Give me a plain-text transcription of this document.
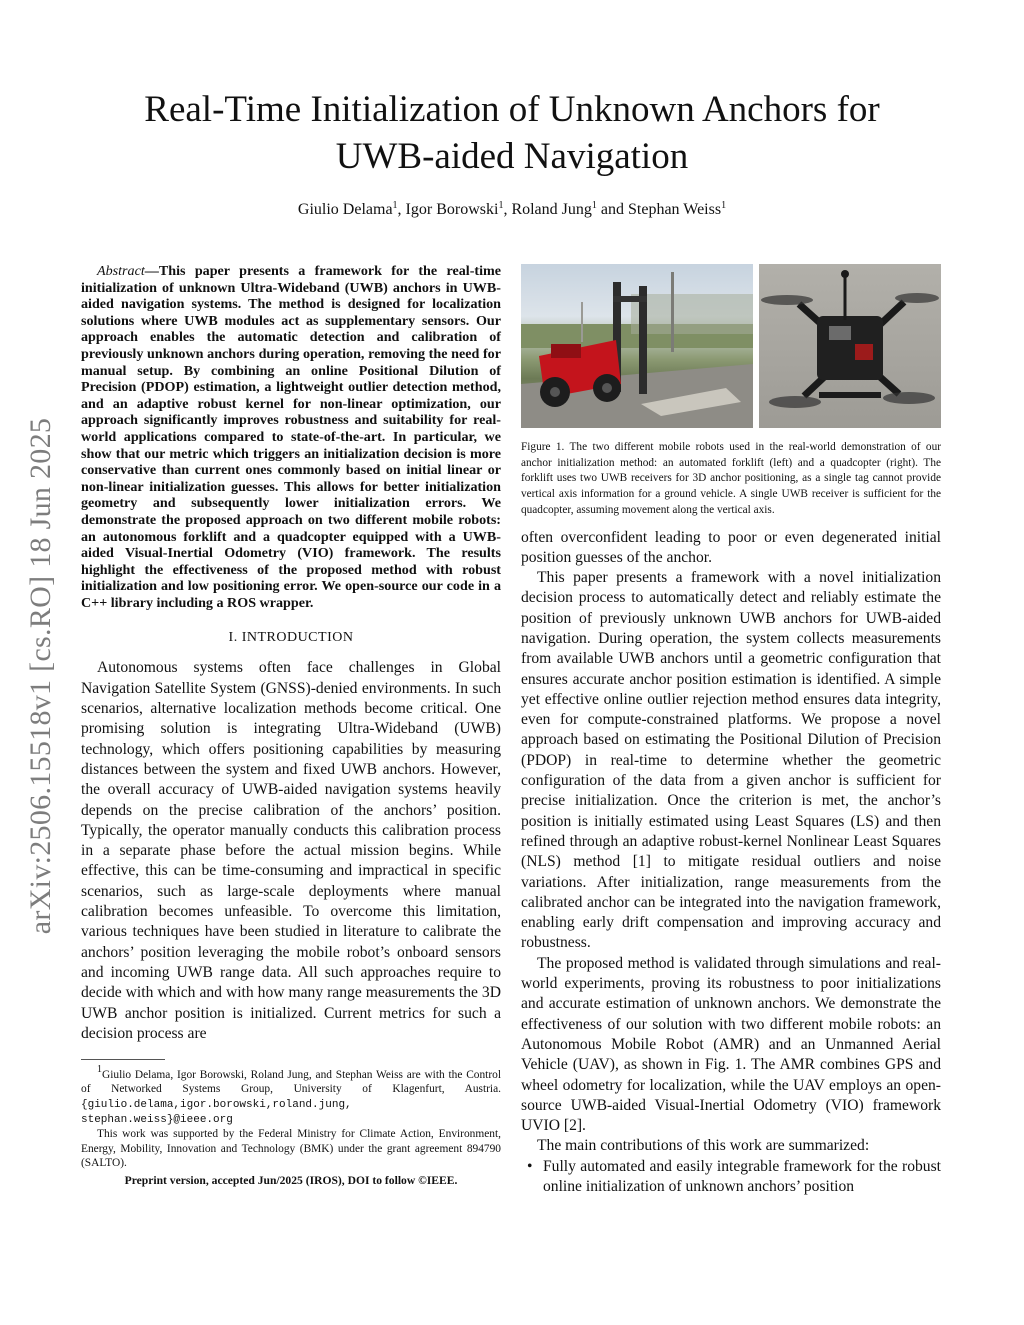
arXiv:2506.15518v1 [cs.RO] 18 Jun 2025
Real-Time Initialization of Unknown Anchors for
UWB-aided Navigation
Giulio Delama$^1$, Igor Borowski$^1$, Roland Jung$^1$ and Stephan Weiss$^1$

Abstract—This paper presents a framework for the real-time initialization of unknown Ultra-Wideband (UWB) anchors in UWB-aided navigation systems. The method is designed for localization solutions where UWB modules act as supplementary sensors. Our approach enables the automatic detection and calibration of previously unknown anchors during operation, removing the need for manual setup. By combining an online Positional Dilution of Precision (PDOP) estimation, a lightweight outlier detection method, and an adaptive robust kernel for non-linear optimization, our approach significantly improves robustness and suitability for real-world applications compared to state-of-the-art. In particular, we show that our metric which triggers an initialization decision is more conservative than current ones commonly based on initial linear or non-linear initialization guesses. This allows for better initialization geometry and subsequently lower initialization errors. We demonstrate the proposed approach on two different mobile robots: an autonomous forklift and a quadcopter equipped with a UWB-aided Visual-Inertial Odometry (VIO) framework. The results highlight the effectiveness of the proposed method with robust initialization and low positioning error. We open-source our code in a C++ library including a ROS wrapper.

I. INTRODUCTION

Autonomous systems often face challenges in Global Navigation Satellite System (GNSS)-denied environments. In such scenarios, alternative localization methods become critical. One promising solution is integrating Ultra-Wideband (UWB) technology, which offers positioning capabilities by measuring distances between the system and fixed UWB anchors. However, the overall accuracy of UWB-aided navigation systems heavily depends on the precise calibration of the anchors’ position. Typically, the operator manually conducts this calibration process in a separate phase before the actual mission begins. While effective, this can be time-consuming and impractical in specific scenarios, such as large-scale deployments where manual calibration becomes unfeasible. To overcome this limitation, various techniques have been studied in literature to calibrate the anchors’ position leveraging the mobile robot’s onboard sensors and incoming UWB range data. All such approaches require to decide with which and with how many range measurements the 3D UWB anchor position is initialized. Current metrics for such a decision process are

$^1$Giulio Delama, Igor Borowski, Roland Jung, and Stephan Weiss are with the Control of Networked Systems Group, University of Klagenfurt, Austria. {giulio.delama,igor.borowski,roland.jung, stephan.weiss}@ieee.org

This work was supported by the Federal Ministry for Climate Action, Environment, Energy, Mobility, Innovation and Technology (BMK) under the grant agreement 894790 (SALTO).

Preprint version, accepted Jun/2025 (IROS), DOI to follow ©IEEE.

Figure 1. The two different mobile robots used in the real-world demonstration of our anchor initialization method: an automated forklift (left) and a quadcopter (right). The forklift uses two UWB receivers for 3D anchor positioning, as a single tag cannot provide vertical axis information for a ground vehicle. A single UWB receiver is sufficient for the quadcopter, assuming movement along the vertical axis.

often overconfident leading to poor or even degenerated initial position guesses of the anchor.

This paper presents a framework with a novel initialization decision process to automatically detect and reliably estimate the position of previously unknown UWB anchors for UWB-aided navigation. During operation, the system collects measurements from available UWB anchors until a geometric configuration that ensures accurate anchor position estimation is identified. A simple yet effective online outlier rejection method ensures data integrity, even for compute-constrained platforms. We propose a novel approach based on estimating the Positional Dilution of Precision (PDOP) in real-time to determine whether the geometric configuration of the data from a given anchor is sufficient for precise initialization. Once the criterion is met, the anchor’s position is initially estimated using Least Squares (LS) and then refined through an adaptive robust-kernel Nonlinear Least Squares (NLS) method [1] to mitigate residual outliers and noise variations. After initialization, range measurements from the calibrated anchor can be integrated into the navigation framework, enabling early drift compensation and improving accuracy and robustness.

The proposed method is validated through simulations and real-world experiments, proving its robustness to poor initializations and accurate estimation of unknown anchors. We demonstrate the effectiveness of our solution with two different mobile robots: an Autonomous Mobile Robot (AMR) and an Unmanned Aerial Vehicle (UAV), as shown in Fig. 1. The AMR combines GPS and wheel odometry for localization, while the UAV employs an open-source UWB-aided Visual-Inertial Odometry (VIO) framework UVIO [2].

The main contributions of this work are summarized:

• Fully automated and easily integrable framework for the robust online initialization of unknown anchors’ position
